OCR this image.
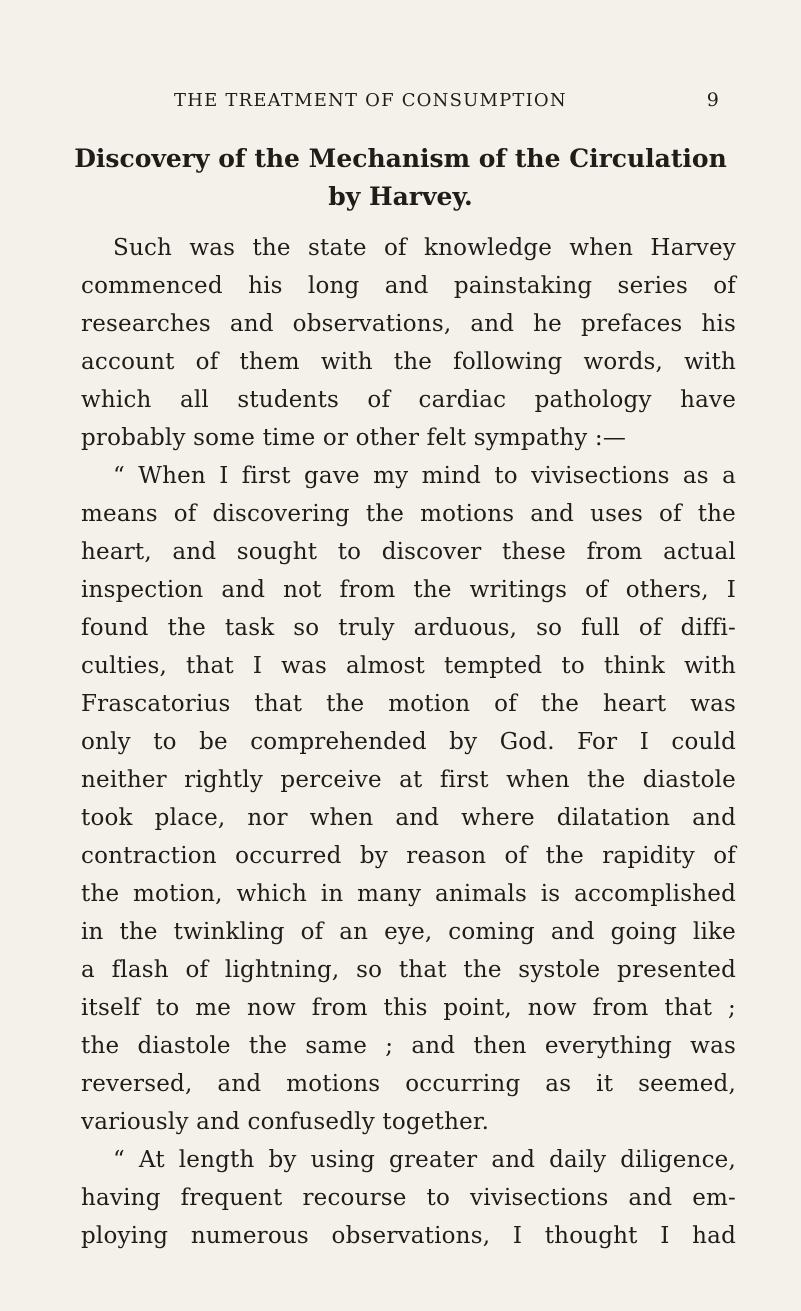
THE TREATMENT OF CONSUMPTION	9
Discovery of the Mechanism of the Circulation
by Harvey.
Such was the state of knowledge when Harvey
commenced his long and painstaking series of
researches and observations, and he prefaces his
account of them with the following words, with
which all students of cardiac pathology have
probably some time or other felt sympathy :—
“ When I first gave my mind to vivisections as a
means of discovering the motions and uses of the
heart, and sought to discover these from actual
inspection and not from the writings of others, I
found the task so truly arduous, so full of diffi-
culties, that I was almost tempted to think with
Frascatorius that the motion of the heart was
only to be comprehended by God. For I could
neither rightly perceive at first when the diastole
took place, nor when and where dilatation and
contraction occurred by reason of the rapidity of
the motion, which in many animals is accomplished
in the twinkling of an eye, coming and going like
a flash of lightning, so that the systole presented
itself to me now from this point, now from that ;
the diastole the same ; and then everything was
reversed, and motions occurring as it seemed,
variously and confusedly together.
“ At length by using greater and daily diligence,
having frequent recourse to vivisections and em-
ploying numerous observations, I thought I had
